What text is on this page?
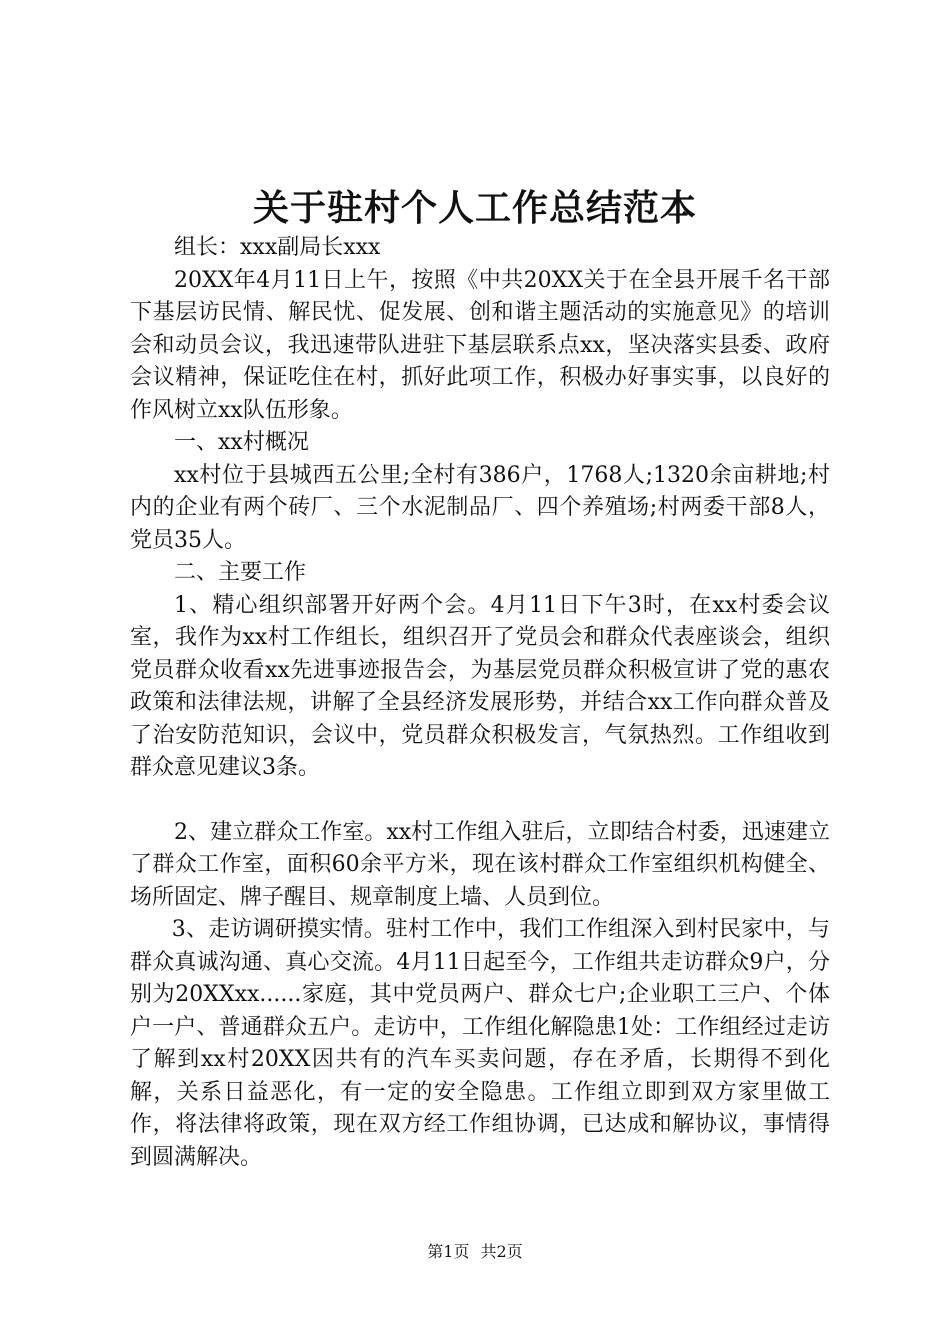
关于驻村个人工作总结范本

组长：xxx副局长xxx

20XX年4月11日上午，按照《中共20XX关于在全县开展千名干部下基层访民情、解民忧、促发展、创和谐主题活动的实施意见》的培训会和动员会议，我迅速带队进驻下基层联系点xx，坚决落实县委、政府会议精神，保证吃住在村，抓好此项工作，积极办好事实事，以良好的作风树立xx队伍形象。

一、xx村概况

xx村位于县城西五公里;全村有386户，1768人;1320余亩耕地;村内的企业有两个砖厂、三个水泥制品厂、四个养殖场;村两委干部8人，党员35人。

二、主要工作

1、精心组织部署开好两个会。4月11日下午3时，在xx村委会议室，我作为xx村工作组长，组织召开了党员会和群众代表座谈会，组织党员群众收看xx先进事迹报告会，为基层党员群众积极宣讲了党的惠农政策和法律法规，讲解了全县经济发展形势，并结合xx工作向群众普及了治安防范知识，会议中，党员群众积极发言，气氛热烈。工作组收到群众意见建议3条。

2、建立群众工作室。xx村工作组入驻后，立即结合村委，迅速建立了群众工作室，面积60余平方米，现在该村群众工作室组织机构健全、场所固定、牌子醒目、规章制度上墙、人员到位。

3、走访调研摸实情。驻村工作中，我们工作组深入到村民家中，与群众真诚沟通、真心交流。4月11日起至今，工作组共走访群众9户，分别为20XXxx......家庭，其中党员两户、群众七户;企业职工三户、个体户一户、普通群众五户。走访中，工作组化解隐患1处：工作组经过走访了解到xx村20XX因共有的汽车买卖问题，存在矛盾，长期得不到化解，关系日益恶化，有一定的安全隐患。工作组立即到双方家里做工作，将法律将政策，现在双方经工作组协调，已达成和解协议，事情得到圆满解决。

第1页 共2页
